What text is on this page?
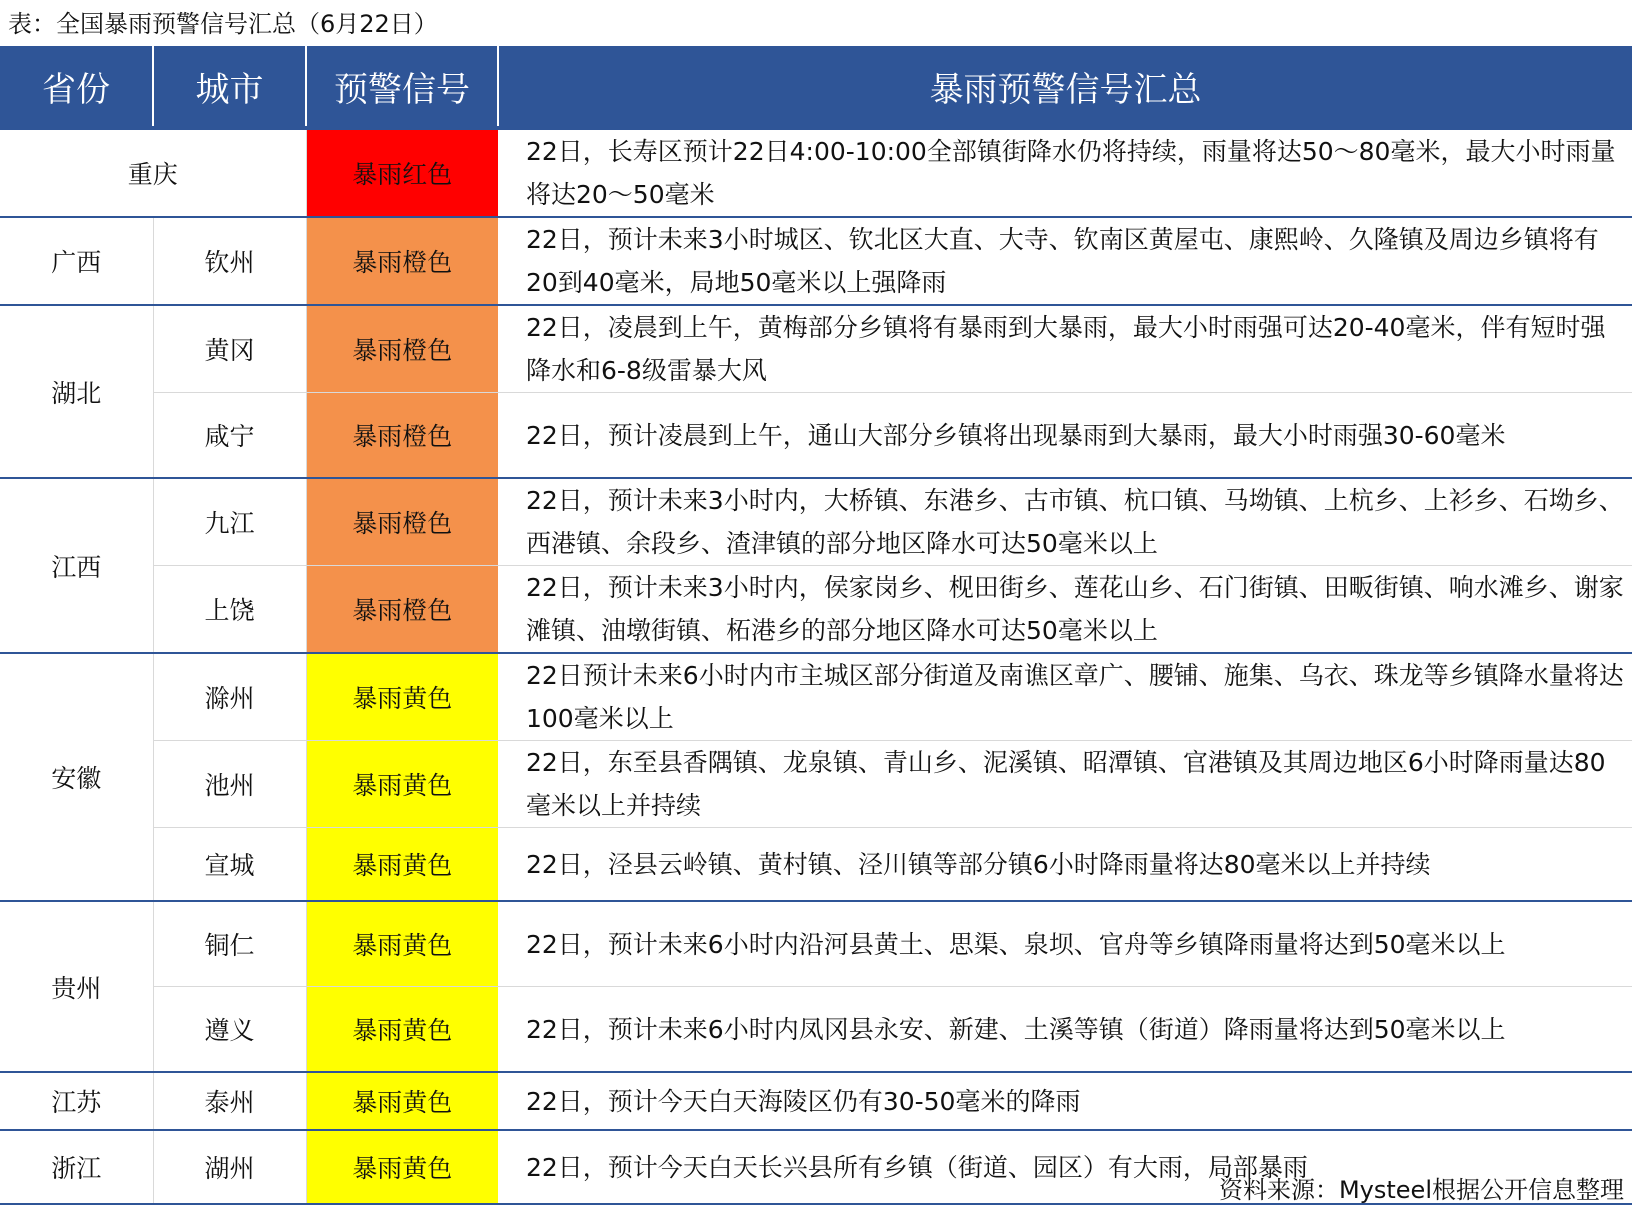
表：全国暴雨预警信号汇总（6月22日）
省份	城市	预警信号	暴雨预警信号汇总
重庆		暴雨红色	22日，长寿区预计22日4:00-10:00全部镇街降水仍将持续，雨量将达50～80毫米，最大小时雨量将达20～50毫米
广西	钦州	暴雨橙色	22日，预计未来3小时城区、钦北区大直、大寺、钦南区黄屋屯、康熙岭、久隆镇及周边乡镇将有20到40毫米，局地50毫米以上强降雨
湖北	黄冈	暴雨橙色	22日，凌晨到上午，黄梅部分乡镇将有暴雨到大暴雨，最大小时雨强可达20-40毫米，伴有短时强降水和6-8级雷暴大风
	咸宁	暴雨橙色	22日，预计凌晨到上午，通山大部分乡镇将出现暴雨到大暴雨，最大小时雨强30-60毫米
江西	九江	暴雨橙色	22日，预计未来3小时内，大桥镇、东港乡、古市镇、杭口镇、马坳镇、上杭乡、上衫乡、石坳乡、西港镇、余段乡、渣津镇的部分地区降水可达50毫米以上
	上饶	暴雨橙色	22日，预计未来3小时内，侯家岗乡、枧田街乡、莲花山乡、石门街镇、田畈街镇、响水滩乡、谢家滩镇、油墩街镇、柘港乡的部分地区降水可达50毫米以上
安徽	滁州	暴雨黄色	22日预计未来6小时内市主城区部分街道及南谯区章广、腰铺、施集、乌衣、珠龙等乡镇降水量将达100毫米以上
	池州	暴雨黄色	22日，东至县香隅镇、龙泉镇、青山乡、泥溪镇、昭潭镇、官港镇及其周边地区6小时降雨量达80毫米以上并持续
	宣城	暴雨黄色	22日，泾县云岭镇、黄村镇、泾川镇等部分镇6小时降雨量将达80毫米以上并持续
贵州	铜仁	暴雨黄色	22日，预计未来6小时内沿河县黄土、思渠、泉坝、官舟等乡镇降雨量将达到50毫米以上
	遵义	暴雨黄色	22日，预计未来6小时内凤冈县永安、新建、土溪等镇（街道）降雨量将达到50毫米以上
江苏	泰州	暴雨黄色	22日，预计今天白天海陵区仍有30-50毫米的降雨
浙江	湖州	暴雨黄色	22日，预计今天白天长兴县所有乡镇（街道、园区）有大雨，局部暴雨
资料来源：Mysteel根据公开信息整理
